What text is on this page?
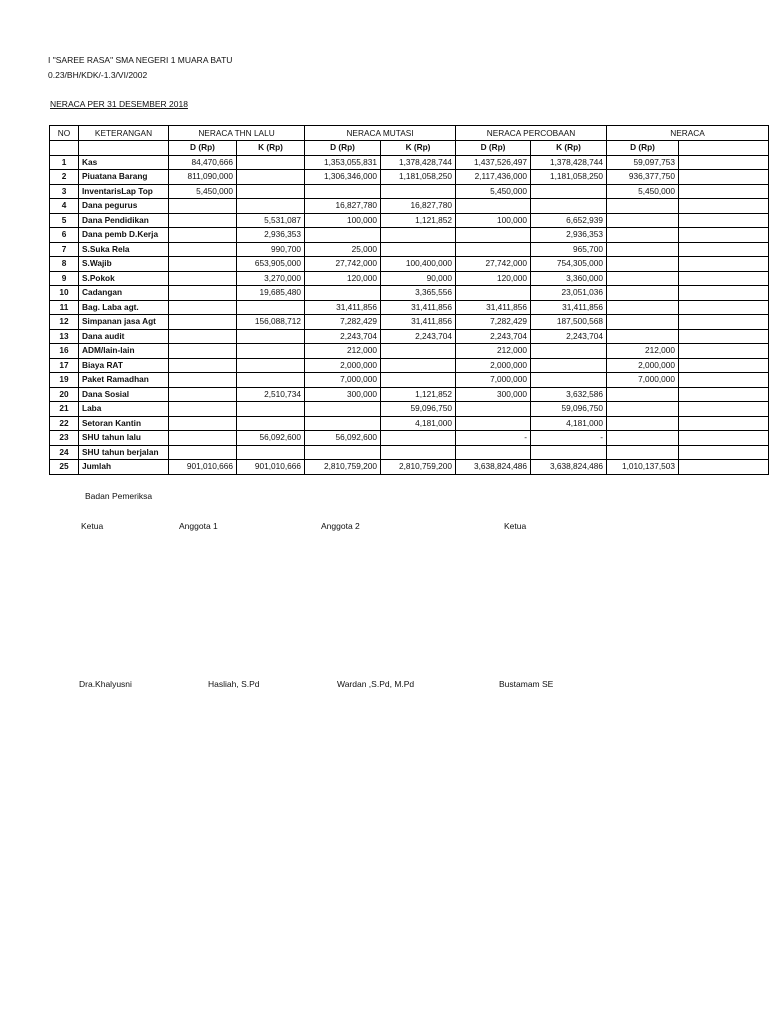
I "SAREE RASA" SMA NEGERI 1 MUARA BATU
0.23/BH/KDK/-1.3/VI/2002
NERACA PER 31 DESEMBER 2018
NO	KETERANGAN	NERACA THN LALU		NERACA MUTASI		NERACA PERCOBAAN		NERACA	
		D (Rp)	K (Rp)	D (Rp)	K (Rp)	D (Rp)	K (Rp)	D (Rp)	
1	Kas	84,470,666		1,353,055,831	1,378,428,744	1,437,526,497	1,378,428,744	59,097,753	
2	Piuatana Barang	811,090,000		1,306,346,000	1,181,058,250	2,117,436,000	1,181,058,250	936,377,750	
3	InventarisLap Top	5,450,000				5,450,000		5,450,000	
4	Dana pegurus			16,827,780	16,827,780				
5	Dana Pendidikan		5,531,087	100,000	1,121,852	100,000	6,652,939		
6	Dana pemb D.Kerja		2,936,353				2,936,353		
7	S.Suka Rela		990,700	25,000			965,700		
8	S.Wajib		653,905,000	27,742,000	100,400,000	27,742,000	754,305,000		
9	S.Pokok		3,270,000	120,000	90,000	120,000	3,360,000		
10	Cadangan		19,685,480		3,365,556		23,051,036		
11	Bag. Laba agt.			31,411,856	31,411,856	31,411,856	31,411,856		
12	Simpanan jasa Agt		156,088,712	7,282,429	31,411,856	7,282,429	187,500,568		
13	Dana audit			2,243,704	2,243,704	2,243,704	2,243,704		
16	ADM/lain-lain			212,000		212,000		212,000	
17	Biaya RAT			2,000,000		2,000,000		2,000,000	
19	Paket Ramadhan			7,000,000		7,000,000		7,000,000	
20	Dana Sosial		2,510,734	300,000	1,121,852	300,000	3,632,586		
21	Laba				59,096,750		59,096,750		
22	Setoran Kantin				4,181,000		4,181,000		
23	SHU tahun lalu		56,092,600	56,092,600		-	-		
24	SHU tahun berjalan								
25	Jumlah	901,010,666	901,010,666	2,810,759,200	2,810,759,200	3,638,824,486	3,638,824,486	1,010,137,503	
Badan Pemeriksa
Ketua	Anggota 1	Anggota 2	Ketua
Dra.Khalyusni	Hasliah, S.Pd	Wardan ,S.Pd, M.Pd	Bustamam SE
